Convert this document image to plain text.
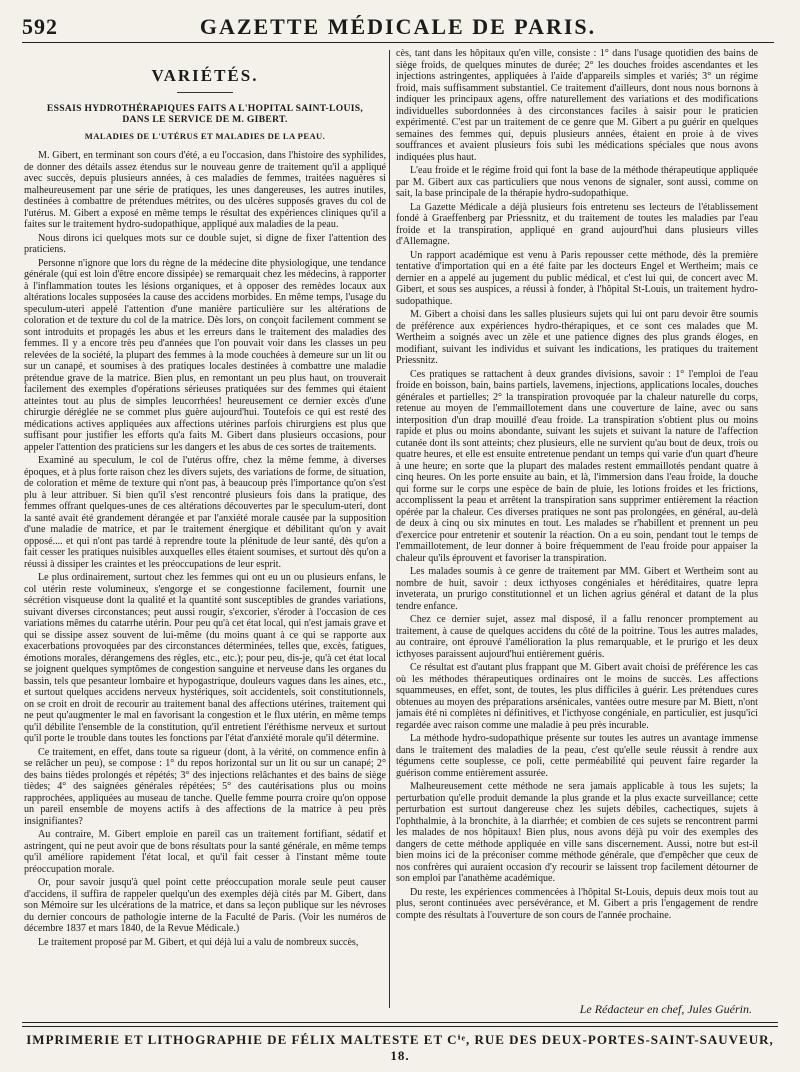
592	GAZETTE MÉDICALE DE PARIS.
VARIÉTÉS.
ESSAIS HYDROTHÉRAPIQUES FAITS A L'HOPITAL SAINT-LOUIS, DANS LE SERVICE DE M. GIBERT.
MALADIES DE L'UTÉRUS ET MALADIES DE LA PEAU.

M. Gibert, en terminant son cours d'été, a eu l'occasion, dans l'histoire des syphilides, de donner des détails assez étendus sur le nouveau genre de traitement qu'il a appliqué avec succès, depuis plusieurs années, à ces maladies de femmes, traitées naguères si malheureusement par une série de pratiques, les unes dangereuses, les autres inutiles, destinées à combattre de prétendues métrites, ou des ulcères supposés graves du col de l'utérus. M. Gibert a exposé en même temps le résultat des expériences cliniques qu'il a faites sur le traitement hydro-sudopathique, appliqué aux maladies de la peau.

Nous dirons ici quelques mots sur ce double sujet, si digne de fixer l'attention des praticiens.

Personne n'ignore que lors du règne de la médecine dite physiologique, une tendance générale (qui est loin d'être encore dissipée) se remarquait chez les médecins, à rapporter à l'inflammation toutes les lésions organiques, et à opposer des remèdes locaux aux altérations locales supposées la cause des accidens morbides. En même temps, l'usage du speculum-uteri appelé l'attention d'une manière particulière sur les altérations de coloration et de texture du col de la matrice. Dès lors, on conçoit facilement comment se sont introduits et propagés les abus et les erreurs dans le traitement des maladies des femmes. Il y a encore très peu d'années que l'on pouvait voir dans les classes un peu relevées de la société, la plupart des femmes à la mode couchées à demeure sur un lit ou sur un canapé, et soumises à des pratiques locales destinées à combattre une maladie prétendue grave de la matrice. Bien plus, en remontant un peu plus haut, on trouverait facilement des exemples d'opérations sérieuses pratiquées sur des femmes qui étaient atteintes tout au plus de simples leucorrhées! heureusement ce dernier excès d'une chirurgie déréglée ne se commet plus guère aujourd'hui. Toutefois ce qui est resté des médications actives appliquées aux affections utérines parfois chirurgiens est plus que suffisant pour justifier les efforts qu'a faits M. Gibert dans plusieurs occasions, pour appeler l'attention des praticiens sur les dangers et les abus de ces sortes de traitements.

Examiné au speculum, le col de l'utérus offre, chez la même femme, à diverses époques, et à plus forte raison chez les divers sujets, des variations de forme, de situation, de coloration et même de texture qui n'ont pas, à beaucoup près l'importance qu'on s'est plu à leur attribuer. Si bien qu'il s'est rencontré plusieurs fois dans la pratique, des femmes offrant quelques-unes de ces altérations découvertes par le speculum-uteri, dont la santé avait été grandement dérangée et par l'anxiété morale causée par la supposition d'une maladie de matrice, et par le traitement énergique et débilitant qu'on y avait opposé.... et qui n'ont pas tardé à reprendre toute la plénitude de leur santé, dès qu'on a fait cesser les pratiques nuisibles auxquelles elles étaient soumises, et surtout dès qu'on a réussi à dissiper les craintes et les préoccupations de leur esprit.

Le plus ordinairement, surtout chez les femmes qui ont eu un ou plusieurs enfans, le col utérin reste volumineux, s'engorge et se congestionne facilement, fournit une sécrétion visqueuse dont la qualité et la quantité sont susceptibles de grandes variations, suivant diverses circonstances; peut aussi rougir, s'excorier, s'éroder à l'occasion de ces variations mêmes du catarrhe utérin. Pour peu qu'à cet état local, qui n'est jamais grave et qui se dissipe assez souvent de lui-même (du moins quant à ce qui se rapporte aux exacerbations provoquées par des circonstances déterminées, telles que, excès, fatigues, émotions morales, dérangemens des règles, etc., etc.); pour peu, dis-je, qu'à cet état local se joignent quelques symptômes de congestion sanguine et nerveuse dans les organes du bassin, tels que pesanteur lombaire et hypogastrique, douleurs vagues dans les aines, etc., et surtout quelques accidens nerveux hystériques, soit accidentels, soit constitutionnels, on se croit en droit de recourir au traitement banal des affections utérines, traitement qui ne peut qu'augmenter le mal en favorisant la congestion et le flux utérin, en même temps qu'il débilite l'ensemble de la constitution, qu'il entretient l'éréthisme nerveux et surtout qu'il porte le trouble dans toutes les fonctions par l'état d'anxiété morale qu'il détermine.

Ce traitement, en effet, dans toute sa rigueur (dont, à la vérité, on commence enfin à se relâcher un peu), se compose : 1° du repos horizontal sur un lit ou sur un canapé; 2° des bains tièdes prolongés et répétés; 3° des injections relâchantes et des bains de siège tièdes; 4° des saignées générales répétées; 5° des cautérisations plus ou moins rapprochées, appliquées au museau de tanche. Quelle femme pourra croire qu'on oppose un pareil ensemble de moyens actifs à des affections de la matrice à peu près insignifiantes?

Au contraire, M. Gibert emploie en pareil cas un traitement fortifiant, sédatif et astringent, qui ne peut avoir que de bons résultats pour la santé générale, en même temps qu'il améliore rapidement l'état local, et qu'il fait cesser à l'instant même toute préoccupation morale.

Or, pour savoir jusqu'à quel point cette préoccupation morale seule peut causer d'accidens, il suffira de rappeler quelqu'un des exemples déjà cités par M. Gibert, dans son Mémoire sur les ulcérations de la matrice, et dans sa leçon publique sur les névroses du dernier concours de pathologie interne de la Faculté de Paris. (Voir les numéros de décembre 1837 et mars 1840, de la Revue Médicale.)

Le traitement proposé par M. Gibert, et qui déjà lui a valu de nombreux succès,

cès, tant dans les hôpitaux qu'en ville, consiste : 1° dans l'usage quotidien des bains de siège froids, de quelques minutes de durée; 2° les douches froides ascendantes et les injections astringentes, appliquées à l'aide d'appareils simples et variés; 3° un régime froid, mais suffisamment substantiel. Ce traitement d'ailleurs, dont nous nous bornons à indiquer les principaux agens, offre naturellement des variations et des modifications individuelles subordonnées à des circonstances faciles à saisir pour le praticien expérimenté. C'est par un traitement de ce genre que M. Gibert a pu guérir en quelques semaines des femmes qui, depuis plusieurs années, étaient en proie à de vives souffrances et avaient plusieurs fois subi les médications spéciales que nous avons indiquées plus haut.

L'eau froide et le régime froid qui font la base de la méthode thérapeutique appliquée par M. Gibert aux cas particuliers que nous venons de signaler, sont aussi, comme on sait, la base principale de la thérapie hydro-sudopathique.

La Gazette Médicale a déjà plusieurs fois entretenu ses lecteurs de l'établissement fondé à Graeffenberg par Priessnitz, et du traitement de toutes les maladies par l'eau froide et la transpiration, appliqué en grand aujourd'hui dans plusieurs villes d'Allemagne.

Un rapport académique est venu à Paris repousser cette méthode, dès la première tentative d'importation qui en a été faite par les docteurs Engel et Wertheim; mais ce dernier en a appelé au jugement du public médical, et c'est lui qui, de concert avec M. Gibert, et sous ses auspices, a réussi à fonder, à l'hôpital St-Louis, un traitement hydro-sudopathique.

M. Gibert a choisi dans les salles plusieurs sujets qui lui ont paru devoir être soumis de préférence aux expériences hydro-thérapiques, et ce sont ces malades que M. Wertheim a soignés avec un zèle et une patience dignes des plus grands éloges, en modifiant, suivant les individus et suivant les indications, les pratiques du traitement Priessnitz.

Ces pratiques se rattachent à deux grandes divisions, savoir : 1° l'emploi de l'eau froide en boisson, bain, bains partiels, lavemens, injections, applications locales, douches générales et partielles; 2° la transpiration provoquée par la chaleur naturelle du corps, retenue au moyen de l'emmaillotement dans une couverture de laine, avec ou sans interposition d'un drap mouillé d'eau froide. La transpiration s'obtient plus ou moins rapide et plus ou moins abondante, suivant les sujets et suivant la nature de l'affection cutanée dont ils sont atteints; chez plusieurs, elle ne survient qu'au bout de deux, trois ou quatre heures, et elle est ensuite entretenue pendant un temps qui varie d'un quart d'heure à une heure; en sorte que la plupart des malades restent emmaillotés pendant quatre à cinq heures. On les porte ensuite au bain, et là, l'immersion dans l'eau froide, la douche qui forme sur le corps une espèce de bain de pluie, les lotions froides et les frictions, accomplissent la peau et arrêtent la transpiration sans supprimer entièrement la réaction opérée par la chaleur. Ces diverses pratiques ne sont pas prolongées, en général, au-delà de deux à cinq ou six minutes en tout. Les malades se r'habillent et prennent un peu d'exercice pour entretenir et soutenir la réaction. On a eu soin, pendant tout le temps de l'emmaillotement, de leur donner à boire fréquemment de l'eau froide pour appaiser la chaleur qu'ils éprouvent et favoriser la transpiration.

Les malades soumis à ce genre de traitement par MM. Gibert et Wertheim sont au nombre de huit, savoir : deux icthyoses congéniales et héréditaires, quatre lepra inveterata, un prurigo constitutionnel et un lichen agrius général et datant de la plus tendre enfance.

Chez ce dernier sujet, assez mal disposé, il a fallu renoncer promptement au traitement, à cause de quelques accidens du côté de la poitrine. Tous les autres malades, au contraire, ont éprouvé l'amélioration la plus remarquable, et le prurigo et les deux icthyoses paraissent aujourd'hui entièrement guéris.

Ce résultat est d'autant plus frappant que M. Gibert avait choisi de préférence les cas où les méthodes thérapeutiques ordinaires ont le moins de succès. Les affections squammeuses, en effet, sont, de toutes, les plus difficiles à guérir. Les prétendues cures obtenues au moyen des préparations arsénicales, vantées outre mesure par M. Biett, n'ont jamais été ni complètes ni définitives, et l'icthyose congéniale, en particulier, est jusqu'ici regardée avec raison comme une maladie à peu près incurable.

La méthode hydro-sudopathique présente sur toutes les autres un avantage immense dans le traitement des maladies de la peau, c'est qu'elle seule réussit à rendre aux tégumens cette souplesse, ce poli, cette perméabilité qui peuvent faire regarder la guérison comme entièrement assurée.

Malheureusement cette méthode ne sera jamais applicable à tous les sujets; la perturbation qu'elle produit demande la plus grande et la plus exacte surveillance; cette perturbation est surtout dangereuse chez les sujets débiles, cachectiques, sujets à l'ophthalmie, à la bronchite, à la diarrhée; et combien de ces sujets se rencontrent parmi les malades de nos hôpitaux! Bien plus, nous avons déjà pu voir des exemples des dangers de cette méthode appliquée en ville sans discernement. Aussi, notre but est-il bien moins ici de la préconiser comme méthode générale, que d'empêcher que ceux de nos confrères qui auraient occasion d'y recourir se laissent trop facilement détourner de son emploi par l'anathème académique.

Du reste, les expériences commencées à l'hôpital St-Louis, depuis deux mois tout au plus, seront continuées avec persévérance, et M. Gibert a pris l'engagement de rendre compte des résultats à l'ouverture de son cours de l'année prochaine.

Le Rédacteur en chef, Jules Guérin.
IMPRIMERIE ET LITHOGRAPHIE DE FÉLIX MALTESTE ET Cⁱᵉ, RUE DES DEUX-PORTES-SAINT-SAUVEUR, 18.
